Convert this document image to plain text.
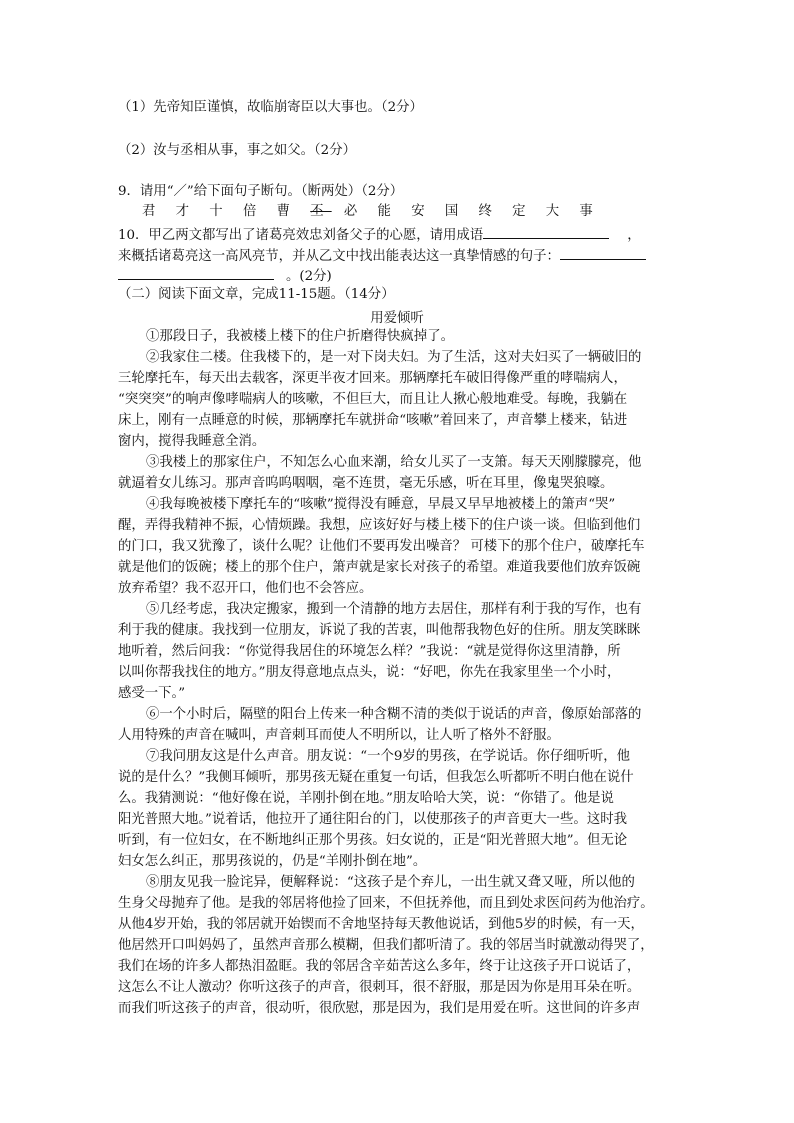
（1）先帝知臣谨慎，故临崩寄臣以大事也。（2分）
（2）汝与丞相从事，事之如父。（2分）
9．请用“／”给下面句子断句。（断两处）（2分）
君 才 十 倍 曹 丕 必 能 安 国 终 定 大 事
10．甲乙两文都写出了诸葛亮效忠刘备父子的心愿，请用成语	，
来概括诸葛亮这一高风亮节，并从乙文中找出能表达这一真挚情感的句子：
。(2分)
（二）阅读下面文章，完成11-15题。（14分）
用爱倾听
①那段日子，我被楼上楼下的住户折磨得快疯掉了。
②我家住二楼。住我楼下的，是一对下岗夫妇。为了生活，这对夫妇买了一辆破旧的
三轮摩托车，每天出去载客，深更半夜才回来。那辆摩托车破旧得像严重的哮喘病人，
“突突突”的响声像哮喘病人的咳嗽，不但巨大，而且让人揪心般地难受。每晚，我躺在
床上，刚有一点睡意的时候，那辆摩托车就拼命“咳嗽”着回来了，声音攀上楼来，钻进
窗内，搅得我睡意全消。
③我楼上的那家住户，不知怎么心血来潮，给女儿买了一支箫。每天天刚朦朦亮，他
就逼着女儿练习。那声音呜呜咽咽，毫不连贯，毫无乐感，听在耳里，像鬼哭狼嚎。
④我每晚被楼下摩托车的“咳嗽”搅得没有睡意，早晨又早早地被楼上的箫声“哭”
醒，弄得我精神不振，心情烦躁。我想，应该好好与楼上楼下的住户谈一谈。但临到他们
的门口，我又犹豫了，谈什么呢？让他们不要再发出噪音？ 可楼下的那个住户，破摩托车
就是他们的饭碗；楼上的那个住户，箫声就是家长对孩子的希望。难道我要他们放弃饭碗
放弃希望？我不忍开口，他们也不会答应。
⑤几经考虑，我决定搬家，搬到一个清静的地方去居住，那样有利于我的写作，也有
利于我的健康。我找到一位朋友，诉说了我的苦衷，叫他帮我物色好的住所。朋友笑眯眯
地听着，然后问我：“你觉得我居住的环境怎么样？”我说：“就是觉得你这里清静，所
以叫你帮我找住的地方。”朋友得意地点点头，说：“好吧，你先在我家里坐一个小时，
感受一下。”
⑥一个小时后，隔壁的阳台上传来一种含糊不清的类似于说话的声音，像原始部落的
人用特殊的声音在喊叫，声音刺耳而使人不明所以，让人听了格外不舒服。
⑦我问朋友这是什么声音。朋友说：“一个9岁的男孩，在学说话。你仔细听听，他
说的是什么？”我侧耳倾听，那男孩无疑在重复一句话，但我怎么听都听不明白他在说什
么。我猜测说：“他好像在说，羊刚扑倒在地。”朋友哈哈大笑，说：“你错了。他是说
阳光普照大地。”说着话，他拉开了通往阳台的门，以使那孩子的声音更大一些。这时我
听到，有一位妇女，在不断地纠正那个男孩。妇女说的，正是“阳光普照大地”。但无论
妇女怎么纠正，那男孩说的，仍是“羊刚扑倒在地”。
⑧朋友见我一脸诧异，便解释说：“这孩子是个弃儿，一出生就又聋又哑，所以他的
生身父母抛弃了他。是我的邻居将他捡了回来，不但抚养他，而且到处求医问药为他治疗。
从他4岁开始，我的邻居就开始锲而不舍地坚持每天教他说话，到他5岁的时候，有一天，
他居然开口叫妈妈了，虽然声音那么模糊，但我们都听清了。我的邻居当时就激动得哭了，
我们在场的许多人都热泪盈眶。我的邻居含辛茹苦这么多年，终于让这孩子开口说话了，
这怎么不让人激动？你听这孩子的声音，很刺耳，很不舒服，那是因为你是用耳朵在听。
而我们听这孩子的声音，很动听，很欣慰，那是因为，我们是用爱在听。这世间的许多声
